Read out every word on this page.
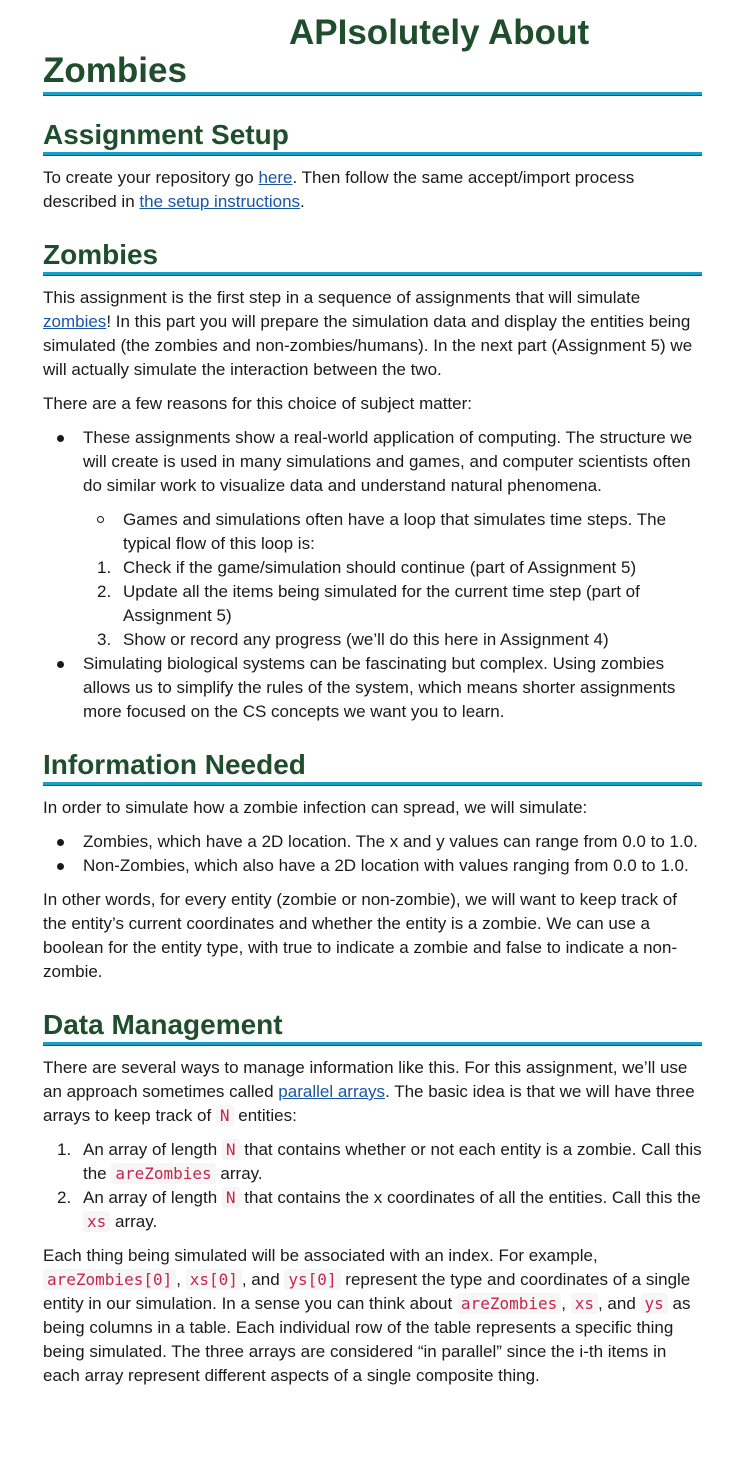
APIsolutely About
Zombies
Assignment Setup

To create your repository go here. Then follow the same accept/import process described in the setup instructions.

Zombies

This assignment is the first step in a sequence of assignments that will simulate zombies! In this part you will prepare the simulation data and display the entities being simulated (the zombies and non-zombies/humans). In the next part (Assignment 5) we will actually simulate the interaction between the two.

There are a few reasons for this choice of subject matter:

These assignments show a real-world application of computing. The structure we will create is used in many simulations and games, and computer scientists often do similar work to visualize data and understand natural phenomena.
Games and simulations often have a loop that simulates time steps. The typical flow of this loop is:
1. Check if the game/simulation should continue (part of Assignment 5)
2. Update all the items being simulated for the current time step (part of Assignment 5)
3. Show or record any progress (we’ll do this here in Assignment 4)
Simulating biological systems can be fascinating but complex. Using zombies allows us to simplify the rules of the system, which means shorter assignments more focused on the CS concepts we want you to learn.
Information Needed

In order to simulate how a zombie infection can spread, we will simulate:

Zombies, which have a 2D location. The x and y values can range from 0.0 to 1.0.
Non-Zombies, which also have a 2D location with values ranging from 0.0 to 1.0.

In other words, for every entity (zombie or non-zombie), we will want to keep track of the entity’s current coordinates and whether the entity is a zombie. We can use a boolean for the entity type, with true to indicate a zombie and false to indicate a non-zombie.

Data Management

There are several ways to manage information like this. For this assignment, we’ll use an approach sometimes called parallel arrays. The basic idea is that we will have three arrays to keep track of N entities:

1. An array of length N that contains whether or not each entity is a zombie. Call this the areZombies array.
2. An array of length N that contains the x coordinates of all the entities. Call this the xs array.

Each thing being simulated will be associated with an index. For example, areZombies[0] , xs[0] , and ys[0] represent the type and coordinates of a single entity in our simulation. In a sense you can think about areZombies , xs , and ys as being columns in a table. Each individual row of the table represents a specific thing being simulated. The three arrays are considered “in parallel” since the i-th items in each array represent different aspects of a single composite thing.
